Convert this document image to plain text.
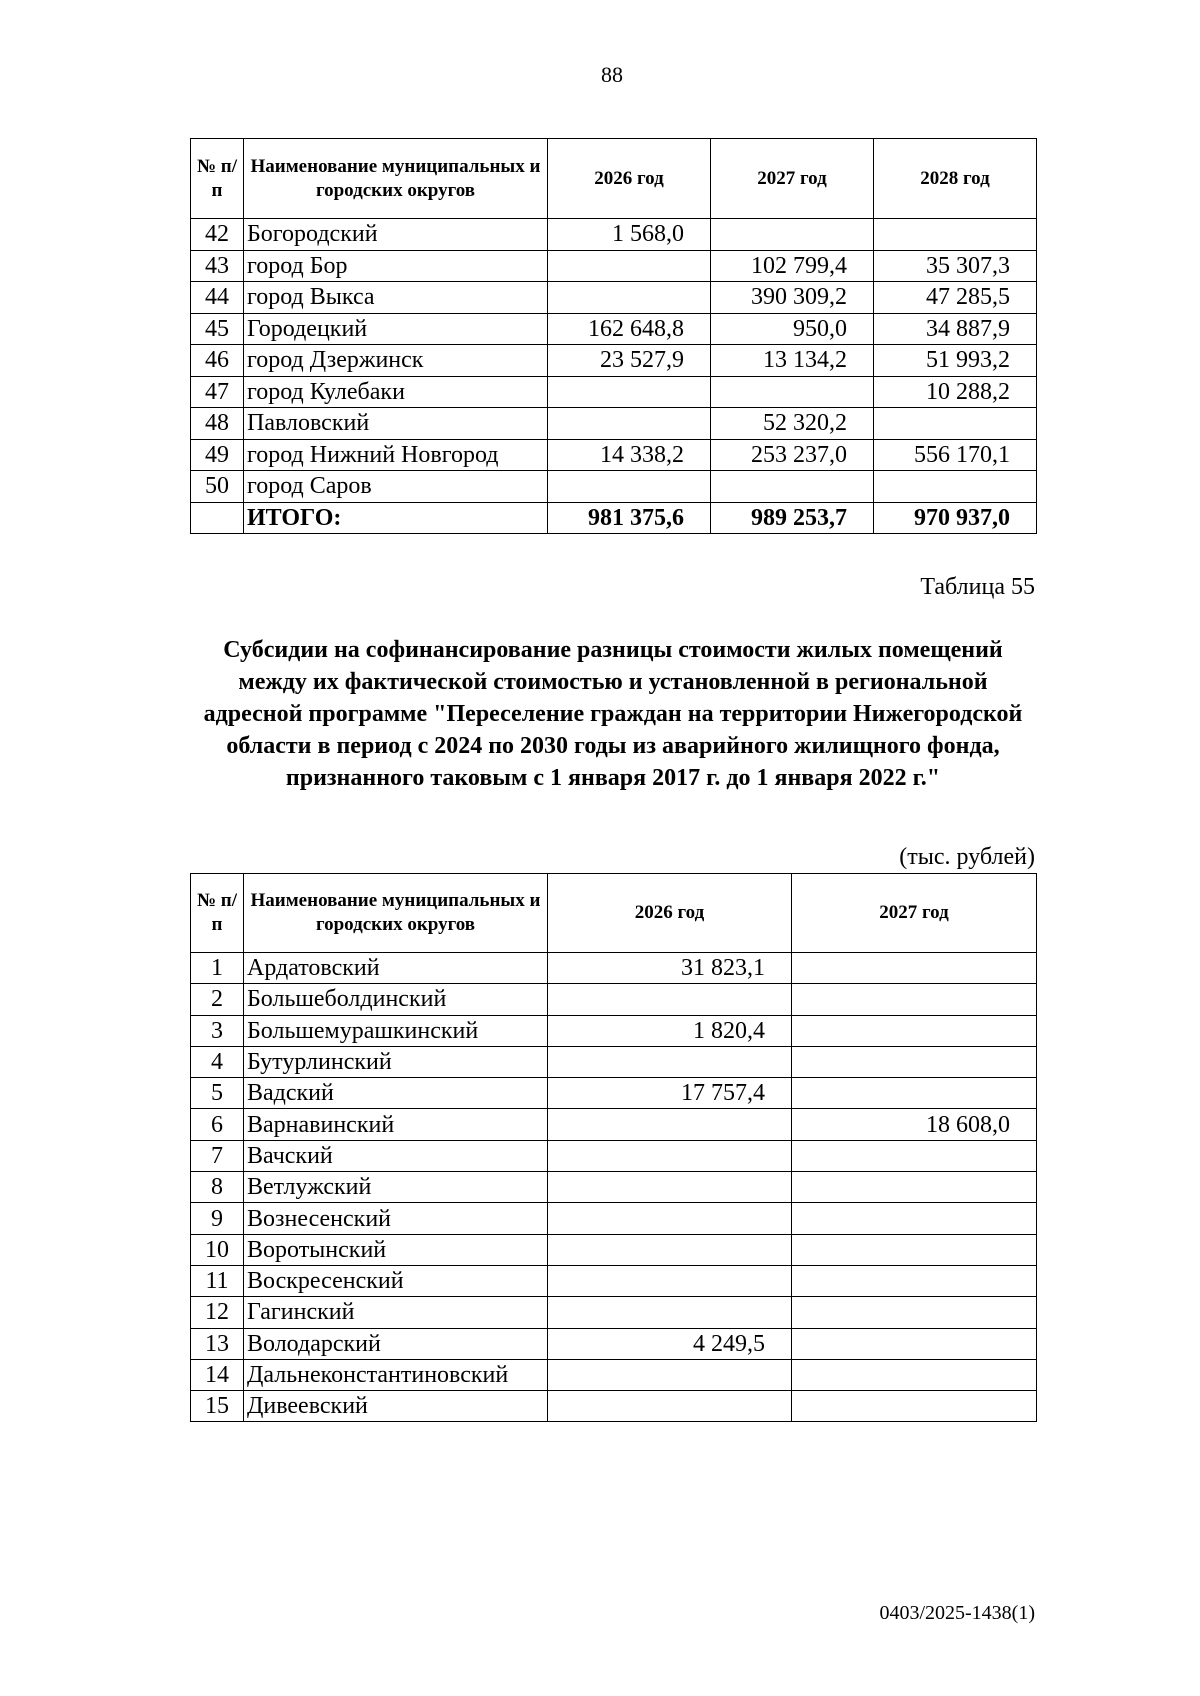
88
№ п/п	Наименование муниципальных и городских округов	2026 год	2027 год	2028 год
42	Богородский	1 568,0		
43	город Бор		102 799,4	35 307,3
44	город Выкса		390 309,2	47 285,5
45	Городецкий	162 648,8	950,0	34 887,9
46	город Дзержинск	23 527,9	13 134,2	51 993,2
47	город Кулебаки			10 288,2
48	Павловский		52 320,2	
49	город Нижний Новгород	14 338,2	253 237,0	556 170,1
50	город Саров			
	ИТОГО:	981 375,6	989 253,7	970 937,0
Таблица 55
Субсидии на софинансирование разницы стоимости жилых помещений между их фактической стоимостью и установленной в региональной адресной программе "Переселение граждан на территории Нижегородской области в период с 2024 по 2030 годы из аварийного жилищного фонда, признанного таковым с 1 января 2017 г. до 1 января 2022 г."
(тыс. рублей)
№ п/п	Наименование муниципальных и городских округов	2026 год	2027 год
1	Ардатовский	31 823,1	
2	Большеболдинский		
3	Большемурашкинский	1 820,4	
4	Бутурлинский		
5	Вадский	17 757,4	
6	Варнавинский		18 608,0
7	Вачский		
8	Ветлужский		
9	Вознесенский		
10	Воротынский		
11	Воскресенский		
12	Гагинский		
13	Володарский	4 249,5	
14	Дальнеконстантиновский		
15	Дивеевский		
0403/2025-1438(1)
